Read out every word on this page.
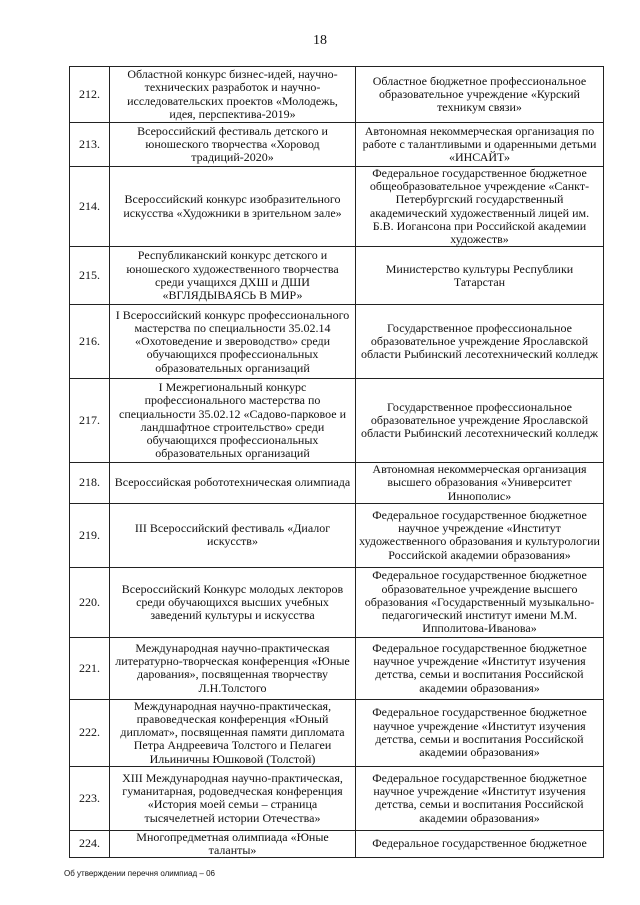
18
212.	Областной конкурс бизнес-идей, научно-технических разработок и научно-исследовательских проектов «Молодежь, идея, перспектива-2019»	Областное бюджетное профессиональное образовательное учреждение «Курский техникум связи»
213.	Всероссийский фестиваль детского и юношеского творчества «Хоровод традиций-2020»	Автономная некоммерческая организация по работе с талантливыми и одаренными детьми «ИНСАЙТ»
214.	Всероссийский конкурс изобразительного искусства «Художники в зрительном зале»	Федеральное государственное бюджетное общеобразовательное учреждение «Санкт-Петербургский государственный академический художественный лицей им. Б.В. Иогансона при Российской академии художеств»
215.	Республиканский конкурс детского и юношеского художественного творчества среди учащихся ДХШ и ДШИ «ВГЛЯДЫВАЯСЬ В МИР»	Министерство культуры Республики Татарстан
216.	I Всероссийский конкурс профессионального мастерства по специальности 35.02.14 «Охотоведение и звероводство» среди обучающихся профессиональных образовательных организаций	Государственное профессиональное образовательное учреждение Ярославской области Рыбинский лесотехнический колледж
217.	I Межрегиональный конкурс профессионального мастерства по специальности 35.02.12 «Садово-парковое и ландшафтное строительство» среди обучающихся профессиональных образовательных организаций	Государственное профессиональное образовательное учреждение Ярославской области Рыбинский лесотехнический колледж
218.	Всероссийская робототехническая олимпиада	Автономная некоммерческая организация высшего образования «Университет Иннополис»
219.	III Всероссийский фестиваль «Диалог искусств»	Федеральное государственное бюджетное научное учреждение «Институт художественного образования и культурологии Российской академии образования»
220.	Всероссийский Конкурс молодых лекторов среди обучающихся высших учебных заведений культуры и искусства	Федеральное государственное бюджетное образовательное учреждение высшего образования «Государственный музыкально-педагогический институт имени М.М. Ипполитова-Иванова»
221.	Международная научно-практическая литературно-творческая конференция «Юные дарования», посвященная творчеству Л.Н.Толстого	Федеральное государственное бюджетное научное учреждение «Институт изучения детства, семьи и воспитания Российской академии образования»
222.	Международная научно-практическая, правоведческая конференция «Юный дипломат», посвященная памяти дипломата Петра Андреевича Толстого и Пелагеи Ильиничны Юшковой (Толстой)	Федеральное государственное бюджетное научное учреждение «Институт изучения детства, семьи и воспитания Российской академии образования»
223.	XIII Международная научно-практическая, гуманитарная, родоведческая конференция «История моей семьи – страница тысячелетней истории Отечества»	Федеральное государственное бюджетное научное учреждение «Институт изучения детства, семьи и воспитания Российской академии образования»
224.	Многопредметная олимпиада «Юные таланты»	Федеральное государственное бюджетное
Об утверждении перечня олимпиад – 06
